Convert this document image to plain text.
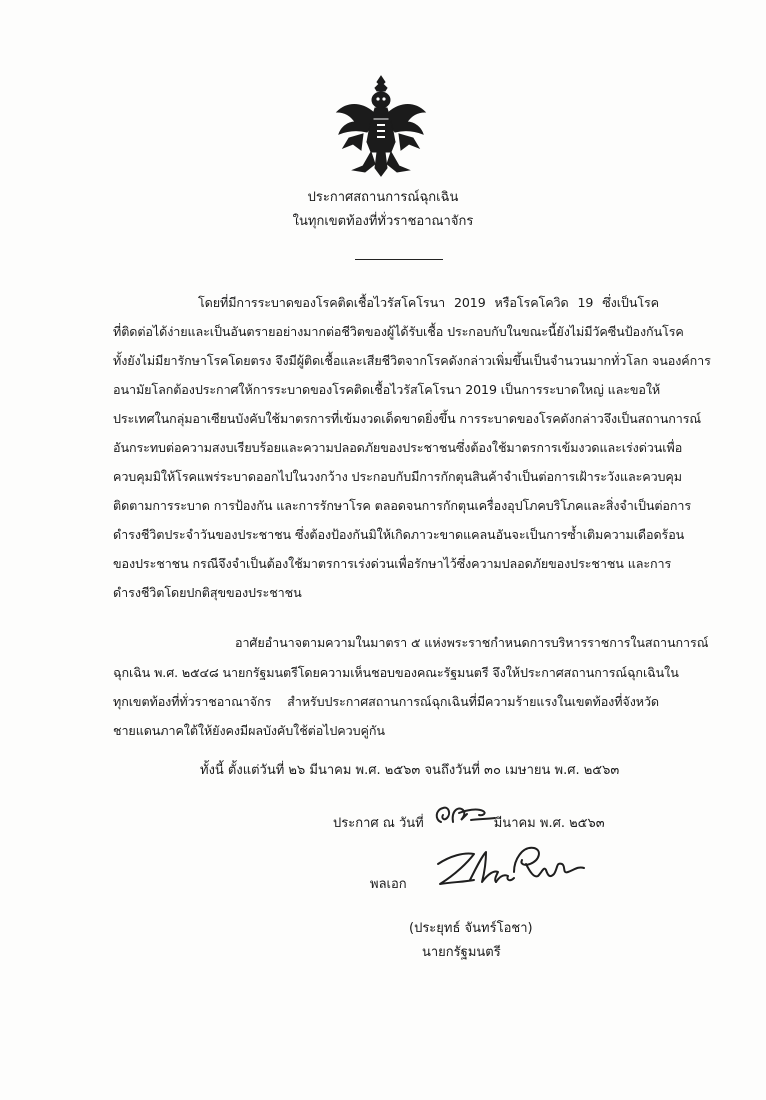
ประกาศสถานการณ์ฉุกเฉิน
ในทุกเขตท้องที่ทั่วราชอาณาจักร
โดยที่มีการระบาดของโรคติดเชื้อไวรัสโคโรนา 2019 หรือโรคโควิด 19 ซึ่งเป็นโรค
ที่ติดต่อได้ง่ายและเป็นอันตรายอย่างมากต่อชีวิตของผู้ได้รับเชื้อ ประกอบกับในขณะนี้ยังไม่มีวัคซีนป้องกันโรค
ทั้งยังไม่มียารักษาโรคโดยตรง จึงมีผู้ติดเชื้อและเสียชีวิตจากโรคดังกล่าวเพิ่มขึ้นเป็นจำนวนมากทั่วโลก จนองค์การ
อนามัยโลกต้องประกาศให้การระบาดของโรคติดเชื้อไวรัสโคโรนา 2019 เป็นการระบาดใหญ่ และขอให้
ประเทศในกลุ่มอาเซียนบังคับใช้มาตรการที่เข้มงวดเด็ดขาดยิ่งขึ้น การระบาดของโรคดังกล่าวจึงเป็นสถานการณ์
อันกระทบต่อความสงบเรียบร้อยและความปลอดภัยของประชาชนซึ่งต้องใช้มาตรการเข้มงวดและเร่งด่วนเพื่อ
ควบคุมมิให้โรคแพร่ระบาดออกไปในวงกว้าง ประกอบกับมีการกักตุนสินค้าจำเป็นต่อการเฝ้าระวังและควบคุม
ติดตามการระบาด การป้องกัน และการรักษาโรค ตลอดจนการกักตุนเครื่องอุปโภคบริโภคและสิ่งจำเป็นต่อการ
ดำรงชีวิตประจำวันของประชาชน ซึ่งต้องป้องกันมิให้เกิดภาวะขาดแคลนอันจะเป็นการซ้ำเติมความเดือดร้อน
ของประชาชน กรณีจึงจำเป็นต้องใช้มาตรการเร่งด่วนเพื่อรักษาไว้ซึ่งความปลอดภัยของประชาชน และการ
ดำรงชีวิตโดยปกติสุขของประชาชน
อาศัยอำนาจตามความในมาตรา ๕ แห่งพระราชกำหนดการบริหารราชการในสถานการณ์
ฉุกเฉิน พ.ศ. ๒๕๔๘ นายกรัฐมนตรีโดยความเห็นชอบของคณะรัฐมนตรี จึงให้ประกาศสถานการณ์ฉุกเฉินใน
ทุกเขตท้องที่ทั่วราชอาณาจักร สำหรับประกาศสถานการณ์ฉุกเฉินที่มีความร้ายแรงในเขตท้องที่จังหวัด
ชายแดนภาคใต้ให้ยังคงมีผลบังคับใช้ต่อไปควบคู่กัน
ทั้งนี้ ตั้งแต่วันที่ ๒๖ มีนาคม พ.ศ. ๒๕๖๓ จนถึงวันที่ ๓๐ เมษายน พ.ศ. ๒๕๖๓
ประกาศ ณ วันที่	มีนาคม พ.ศ. ๒๕๖๓
พลเอก
(ประยุทธ์ จันทร์โอชา)
นายกรัฐมนตรี
